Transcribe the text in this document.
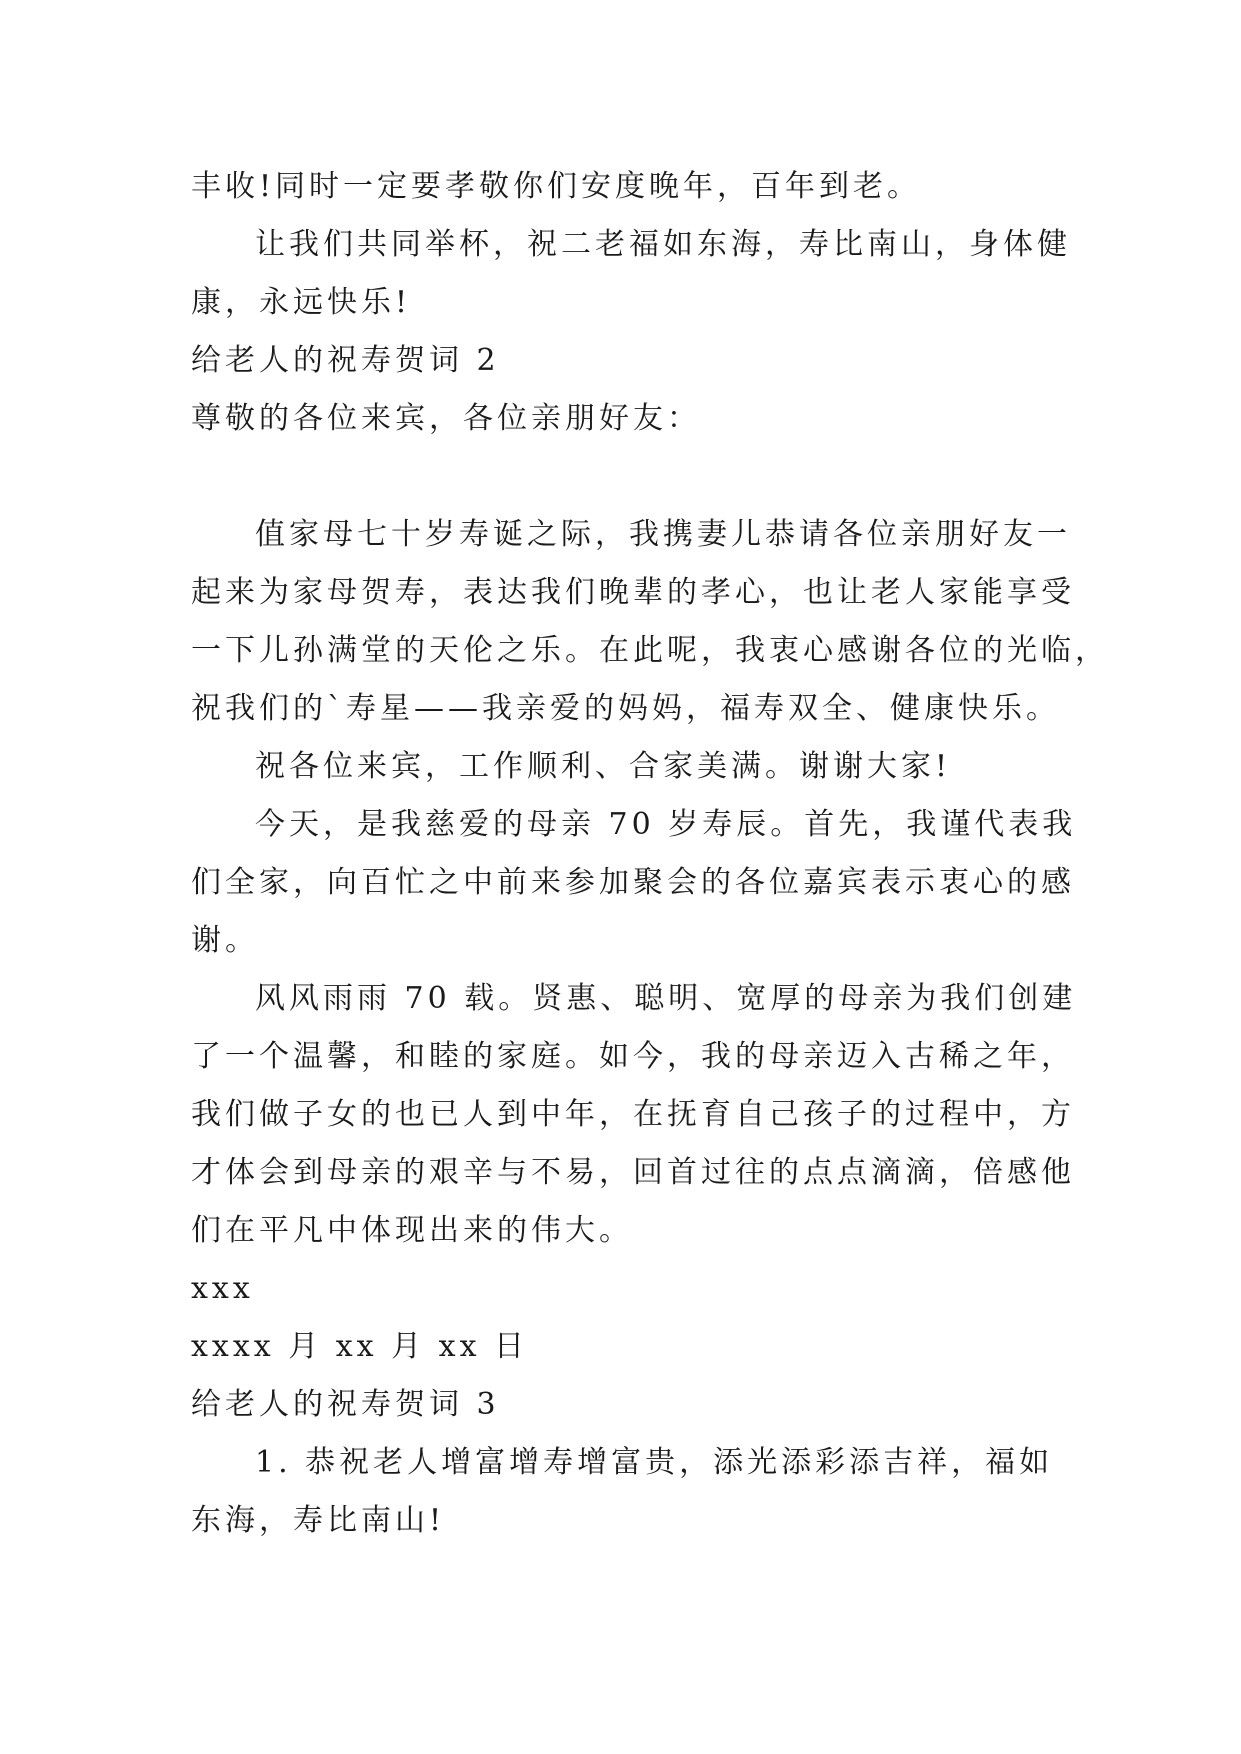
丰收!同时一定要孝敬你们安度晚年，百年到老。
让我们共同举杯，祝二老福如东海，寿比南山，身体健
康，永远快乐!
给老人的祝寿贺词 2
尊敬的各位来宾，各位亲朋好友：
值家母七十岁寿诞之际，我携妻儿恭请各位亲朋好友一
起来为家母贺寿，表达我们晚辈的孝心，也让老人家能享受
一下儿孙满堂的天伦之乐。在此呢，我衷心感谢各位的光临，
祝我们的`寿星——我亲爱的妈妈，福寿双全、健康快乐。
祝各位来宾，工作顺利、合家美满。谢谢大家!
今天，是我慈爱的母亲 70 岁寿辰。首先，我谨代表我
们全家，向百忙之中前来参加聚会的各位嘉宾表示衷心的感
谢。
风风雨雨 70 载。贤惠、聪明、宽厚的母亲为我们创建
了一个温馨，和睦的家庭。如今，我的母亲迈入古稀之年，
我们做子女的也已人到中年，在抚育自己孩子的过程中，方
才体会到母亲的艰辛与不易，回首过往的点点滴滴，倍感他
们在平凡中体现出来的伟大。
xxx
xxxx 月 xx 月 xx 日
给老人的祝寿贺词 3
1. 恭祝老人增富增寿增富贵，添光添彩添吉祥，福如
东海，寿比南山!
